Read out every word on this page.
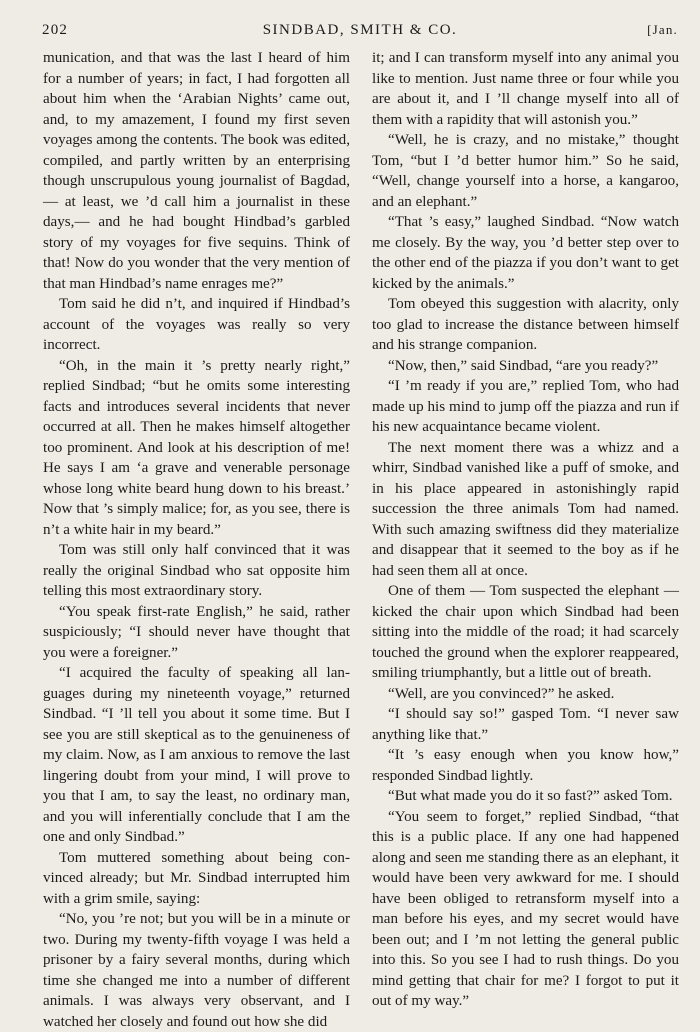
202	SINDBAD, SMITH & CO.	[Jan.

munication, and that was the last I heard of him for a number of years; in fact, I had forgotten all about him when the ‘Arabian Nights’ came out, and, to my amazement, I found my first seven voyages among the contents. The book was edited, compiled, and partly written by an enterprising though unscrupulous young journalist of Bagdad,— at least, we ’d call him a journalist in these days,— and he had bought Hindbad’s garbled story of my voyages for five sequins. Think of that! Now do you wonder that the very mention of that man Hindbad’s name enrages me?”

Tom said he did n’t, and inquired if Hindbad’s account of the voyages was really so very incorrect.

“Oh, in the main it ’s pretty nearly right,” replied Sindbad; “but he omits some interesting facts and introduces several incidents that never occurred at all. Then he makes himself altogether too prominent. And look at his description of me! He says I am ‘a grave and venerable personage whose long white beard hung down to his breast.’ Now that ’s simply malice; for, as you see, there is n’t a white hair in my beard.”

Tom was still only half convinced that it was really the original Sindbad who sat opposite him telling this most extraordinary story.

“You speak first-rate English,” he said, rather suspiciously; “I should never have thought that you were a foreigner.”

“I acquired the faculty of speaking all languages during my nineteenth voyage,” returned Sindbad. “I ’ll tell you about it some time. But I see you are still skeptical as to the genuineness of my claim. Now, as I am anxious to remove the last lingering doubt from your mind, I will prove to you that I am, to say the least, no ordinary man, and you will inferentially conclude that I am the one and only Sindbad.”

Tom muttered something about being convinced already; but Mr. Sindbad interrupted him with a grim smile, saying:

“No, you ’re not; but you will be in a minute or two. During my twenty-fifth voyage I was held a prisoner by a fairy several months, during which time she changed me into a number of different animals. I was always very observant, and I watched her closely and found out how she did

it; and I can transform myself into any animal you like to mention. Just name three or four while you are about it, and I ’ll change myself into all of them with a rapidity that will astonish you.”

“Well, he is crazy, and no mistake,” thought Tom, “but I ’d better humor him.” So he said, “Well, change yourself into a horse, a kangaroo, and an elephant.”

“That ’s easy,” laughed Sindbad. “Now watch me closely. By the way, you ’d better step over to the other end of the piazza if you don’t want to get kicked by the animals.”

Tom obeyed this suggestion with alacrity, only too glad to increase the distance between himself and his strange companion.

“Now, then,” said Sindbad, “are you ready?”

“I ’m ready if you are,” replied Tom, who had made up his mind to jump off the piazza and run if his new acquaintance became violent.

The next moment there was a whizz and a whirr, Sindbad vanished like a puff of smoke, and in his place appeared in astonishingly rapid succession the three animals Tom had named. With such amazing swiftness did they materialize and disappear that it seemed to the boy as if he had seen them all at once.

One of them — Tom suspected the elephant — kicked the chair upon which Sindbad had been sitting into the middle of the road; it had scarcely touched the ground when the explorer reappeared, smiling triumphantly, but a little out of breath.

“Well, are you convinced?” he asked.

“I should say so!” gasped Tom. “I never saw anything like that.”

“It ’s easy enough when you know how,” responded Sindbad lightly.

“But what made you do it so fast?” asked Tom.

“You seem to forget,” replied Sindbad, “that this is a public place. If any one had happened along and seen me standing there as an elephant, it would have been very awkward for me. I should have been obliged to retransform myself into a man before his eyes, and my secret would have been out; and I ’m not letting the general public into this. So you see I had to rush things. Do you mind getting that chair for me? I forgot to put it out of my way.”
